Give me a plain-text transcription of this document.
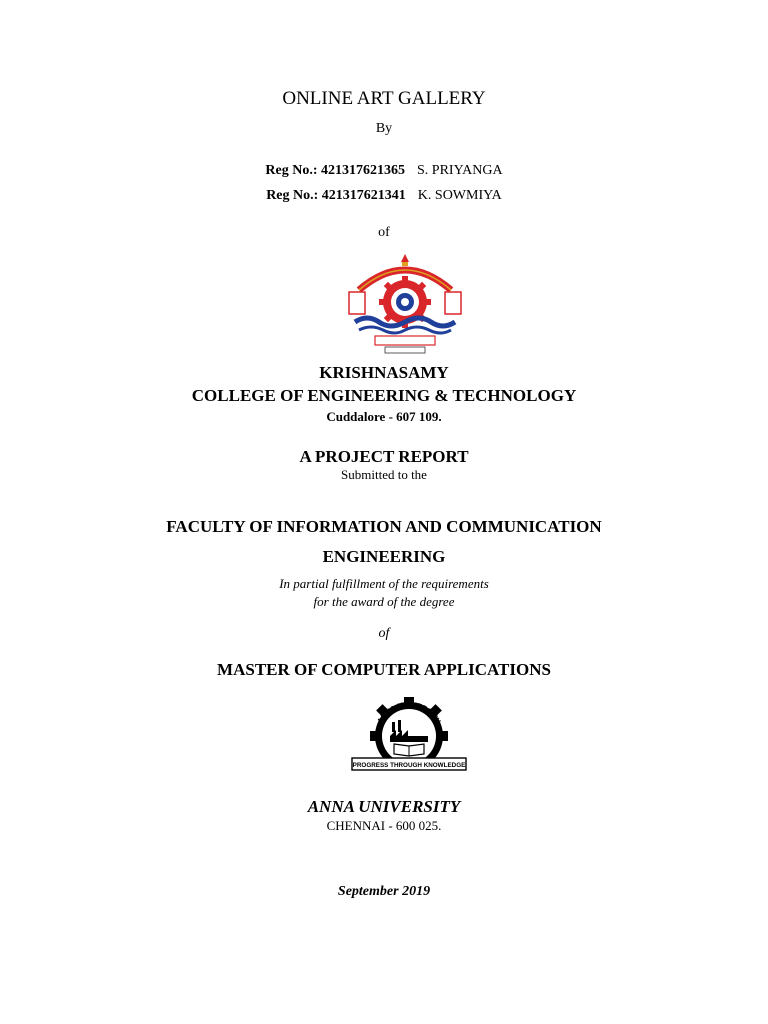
ONLINE ART GALLERY
By
Reg No.: 421317621365 S. PRIYANGA
Reg No.: 421317621341 K. SOWMIYA
of
KRISHNASAMY
COLLEGE OF ENGINEERING & TECHNOLOGY
Cuddalore - 607 109.
A PROJECT REPORT
Submitted to the
FACULTY OF INFORMATION AND COMMUNICATION
ENGINEERING
In partial fulfillment of the requirements
for the award of the degree
of
MASTER OF COMPUTER APPLICATIONS
ANNA UNIVERSITY
PROGRESS THROUGH KNOWLEDGE
ANNA UNIVERSITY
CHENNAI - 600 025.
September 2019
